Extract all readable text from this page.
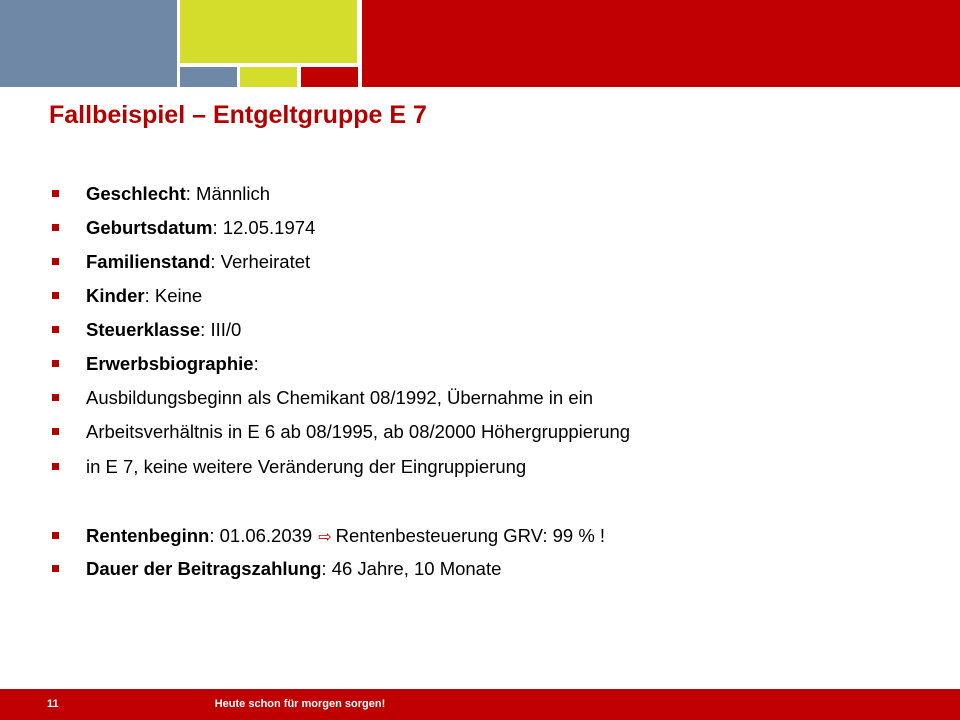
Fallbeispiel – Entgeltgruppe E 7
Geschlecht: Männlich
Geburtsdatum: 12.05.1974
Familienstand: Verheiratet
Kinder: Keine
Steuerklasse: III/0
Erwerbsbiographie:
Ausbildungsbeginn als Chemikant 08/1992, Übernahme in ein
Arbeitsverhältnis in E 6 ab 08/1995, ab 08/2000 Höhergruppierung
in E 7, keine weitere Veränderung der Eingruppierung
Rentenbeginn: 01.06.2039 ⇨ Rentenbesteuerung GRV: 99 % !
Dauer der Beitragszahlung: 46 Jahre, 10 Monate
11	Heute schon für morgen sorgen!
